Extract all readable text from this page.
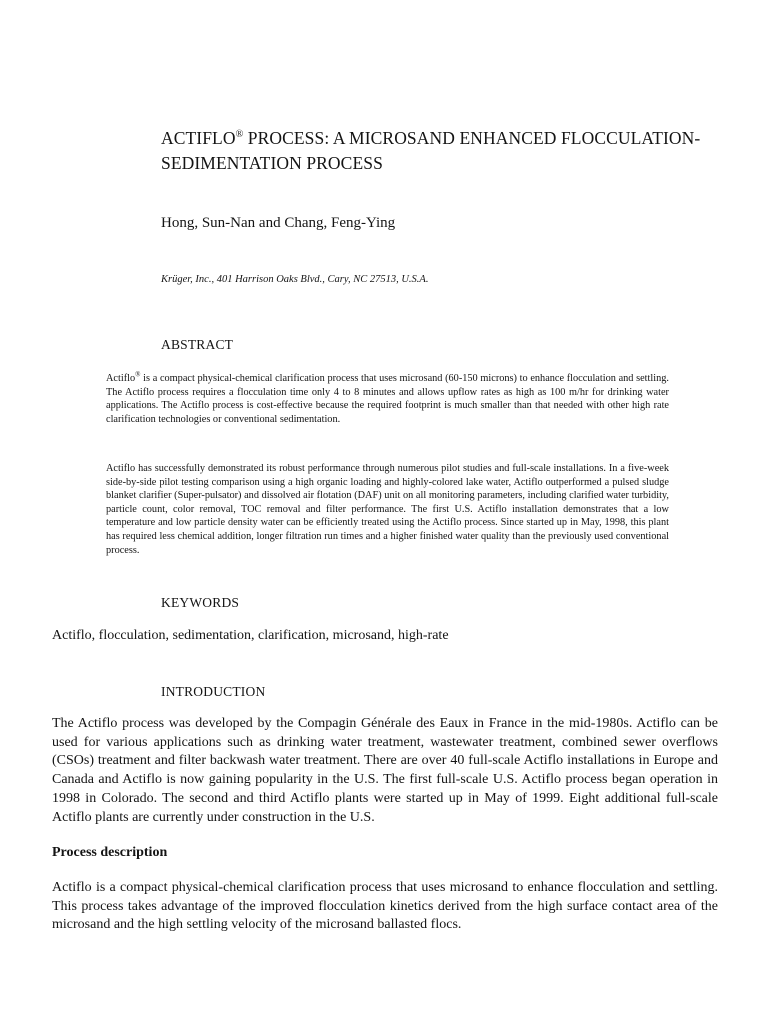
ACTIFLO® PROCESS: A MICROSAND ENHANCED FLOCCULATION-SEDIMENTATION PROCESS

Hong, Sun-Nan and Chang, Feng-Ying

Krüger, Inc., 401 Harrison Oaks Blvd., Cary, NC 27513, U.S.A.

ABSTRACT

Actiflo® is a compact physical-chemical clarification process that uses microsand (60-150 microns) to enhance flocculation and settling. The Actiflo process requires a flocculation time only 4 to 8 minutes and allows upflow rates as high as 100 m/hr for drinking water applications. The Actiflo process is cost-effective because the required footprint is much smaller than that needed with other high rate clarification technologies or conventional sedimentation.

Actiflo has successfully demonstrated its robust performance through numerous pilot studies and full-scale installations. In a five-week side-by-side pilot testing comparison using a high organic loading and highly-colored lake water, Actiflo outperformed a pulsed sludge blanket clarifier (Super-pulsator) and dissolved air flotation (DAF) unit on all monitoring parameters, including clarified water turbidity, particle count, color removal, TOC removal and filter performance. The first U.S. Actiflo installation demonstrates that a low temperature and low particle density water can be efficiently treated using the Actiflo process. Since started up in May, 1998, this plant has required less chemical addition, longer filtration run times and a higher finished water quality than the previously used conventional process.

KEYWORDS

Actiflo, flocculation, sedimentation, clarification, microsand, high-rate

INTRODUCTION

The Actiflo process was developed by the Compagin Générale des Eaux in France in the mid-1980s. Actiflo can be used for various applications such as drinking water treatment, wastewater treatment, combined sewer overflows (CSOs) treatment and filter backwash water treatment. There are over 40 full-scale Actiflo installations in Europe and Canada and Actiflo is now gaining popularity in the U.S. The first full-scale U.S. Actiflo process began operation in 1998 in Colorado. The second and third Actiflo plants were started up in May of 1999. Eight additional full-scale Actiflo plants are currently under construction in the U.S.

Process description

Actiflo is a compact physical-chemical clarification process that uses microsand to enhance flocculation and settling. This process takes advantage of the improved flocculation kinetics derived from the high surface contact area of the microsand and the high settling velocity of the microsand ballasted flocs.
